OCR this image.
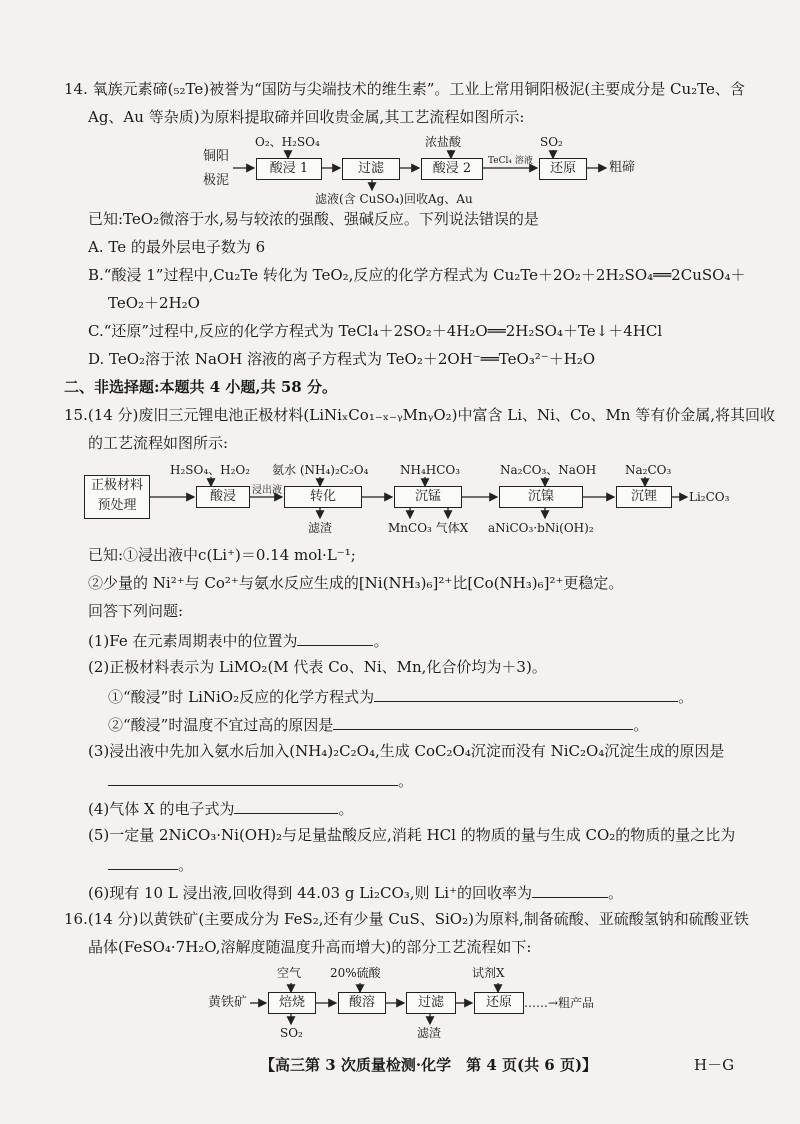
14. 氧族元素碲(₅₂Te)被誉为“国防与尖端技术的维生素”。工业上常用铜阳极泥(主要成分是 Cu₂Te、含
Ag、Au 等杂质)为原料提取碲并回收贵金属,其工艺流程如图所示:
铜阳
极泥
O₂、H₂SO₄
酸浸 1	过滤
滤液(含 CuSO₄)回收Ag、Au
浓盐酸
酸浸 2	TeCl₄ 溶液
SO₂
还原	粗碲
已知:TeO₂微溶于水,易与较浓的强酸、强碱反应。下列说法错误的是
A. Te 的最外层电子数为 6
B.“酸浸 1”过程中,Cu₂Te 转化为 TeO₂,反应的化学方程式为 Cu₂Te＋2O₂＋2H₂SO₄══2CuSO₄＋
TeO₂＋2H₂O
C.“还原”过程中,反应的化学方程式为 TeCl₄＋2SO₂＋4H₂O══2H₂SO₄＋Te↓＋4HCl
D. TeO₂溶于浓 NaOH 溶液的离子方程式为 TeO₂＋2OH⁻══TeO₃²⁻＋H₂O
二、非选择题:本题共 4 小题,共 58 分。
15.(14 分)废旧三元锂电池正极材料(LiNiₓCo₁₋ₓ₋ᵧMnᵧO₂)中富含 Li、Ni、Co、Mn 等有价金属,将其回收
的工艺流程如图所示:
正极材料
预处理
H₂SO₄、H₂O₂
酸浸	浸出液
氨水 (NH₄)₂C₂O₄
转化
滤渣
NH₄HCO₃
沉锰
MnCO₃ 气体X
Na₂CO₃、NaOH
沉镍
aNiCO₃·bNi(OH)₂
Na₂CO₃
沉锂	Li₂CO₃
已知:①浸出液中c(Li⁺)＝0.14 mol·L⁻¹;
②少量的 Ni²⁺与 Co²⁺与氨水反应生成的[Ni(NH₃)₆]²⁺比[Co(NH₃)₆]²⁺更稳定。
回答下列问题:
(1)Fe 在元素周期表中的位置为	。
(2)正极材料表示为 LiMO₂(M 代表 Co、Ni、Mn,化合价均为＋3)。
①“酸浸”时 LiNiO₂反应的化学方程式为	。
②“酸浸”时温度不宜过高的原因是	。
(3)浸出液中先加入氨水后加入(NH₄)₂C₂O₄,生成 CoC₂O₄沉淀而没有 NiC₂O₄沉淀生成的原因是
。
(4)气体 X 的电子式为	。
(5)一定量 2NiCO₃·Ni(OH)₂与足量盐酸反应,消耗 HCl 的物质的量与生成 CO₂的物质的量之比为
。
(6)现有 10 L 浸出液,回收得到 44.03 g Li₂CO₃,则 Li⁺的回收率为	。
16.(14 分)以黄铁矿(主要成分为 FeS₂,还有少量 CuS、SiO₂)为原料,制备硫酸、亚硫酸氢钠和硫酸亚铁
晶体(FeSO₄·7H₂O,溶解度随温度升高而增大)的部分工艺流程如下:
黄铁矿
空气
焙烧
SO₂
20%硫酸
酸溶	过滤
滤渣
试剂X
还原	……→粗产品
【高三第 3 次质量检测·化学　第 4 页(共 6 页)】	H－G
